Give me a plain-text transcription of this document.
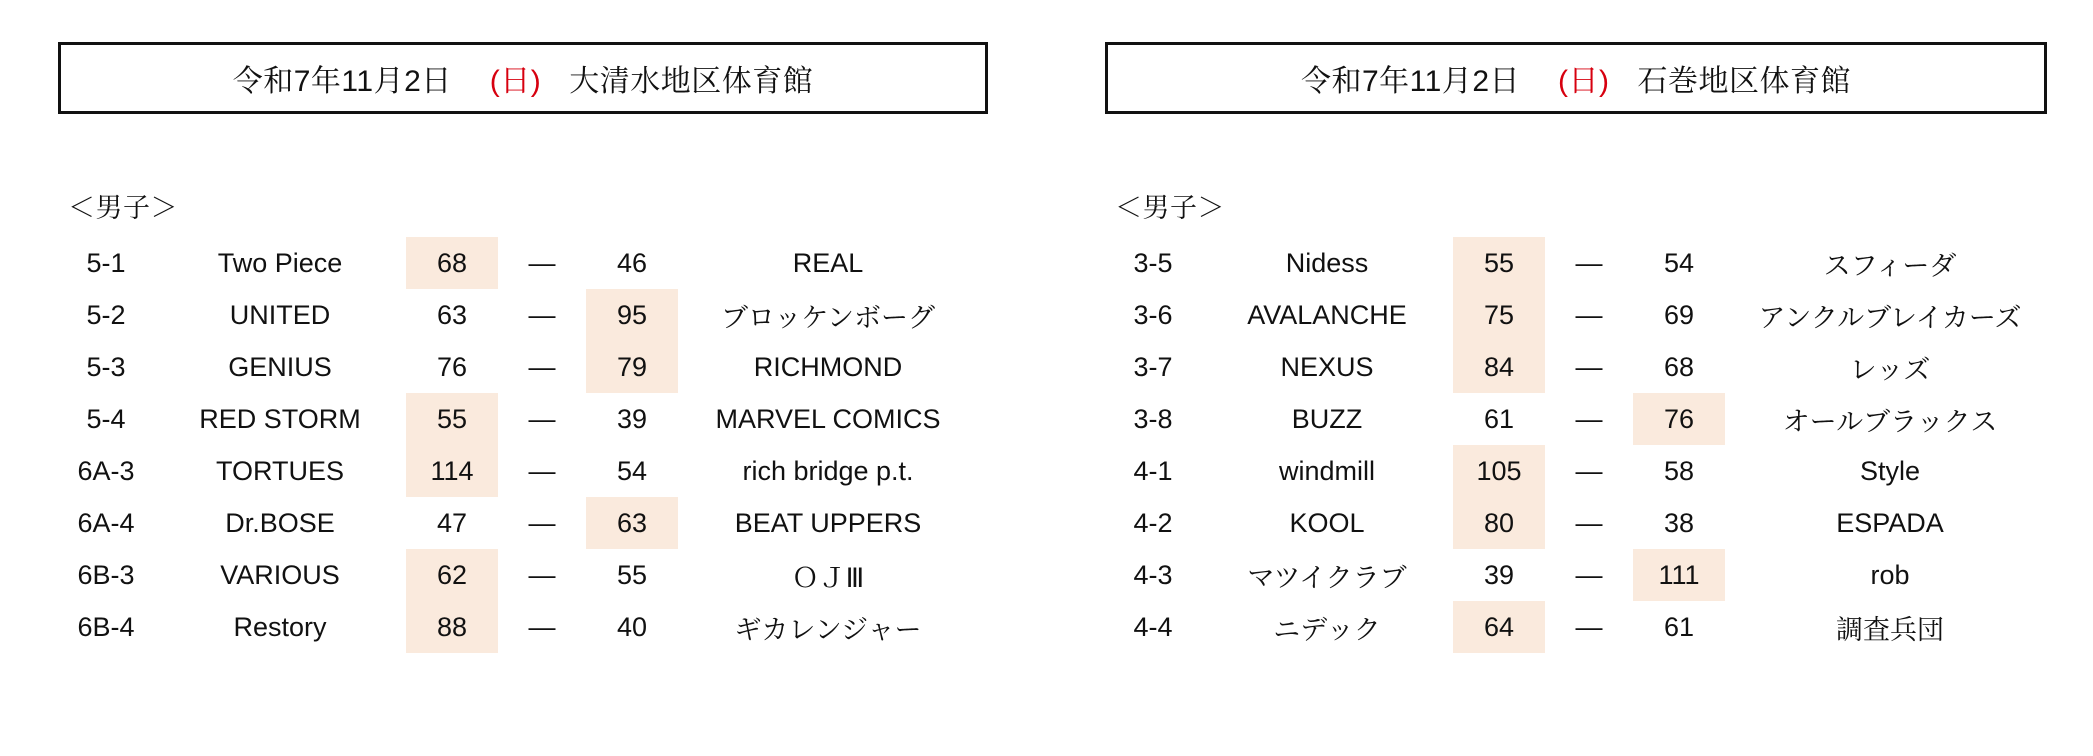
令和7年11月2日 (日) 大清水地区体育館
＜男子＞
5-1	Two Piece	68	—	46	REAL
5-2	UNITED	63	—	95	ブロッケンボーグ
5-3	GENIUS	76	—	79	RICHMOND
5-4	RED STORM	55	—	39	MARVEL COMICS
6A-3	TORTUES	114	—	54	rich bridge p.t.
6A-4	Dr.BOSE	47	—	63	BEAT UPPERS
6B-3	VARIOUS	62	—	55	ＯＪⅢ
6B-4	Restory	88	—	40	ギカレンジャー
令和7年11月2日 (日) 石巻地区体育館
＜男子＞
3-5	Nidess	55	—	54	スフィーダ
3-6	AVALANCHE	75	—	69	アンクルブレイカーズ
3-7	NEXUS	84	—	68	レッズ
3-8	BUZZ	61	—	76	オールブラックス
4-1	windmill	105	—	58	Style
4-2	KOOL	80	—	38	ESPADA
4-3	マツイクラブ	39	—	111	rob
4-4	ニデック	64	—	61	調査兵団
